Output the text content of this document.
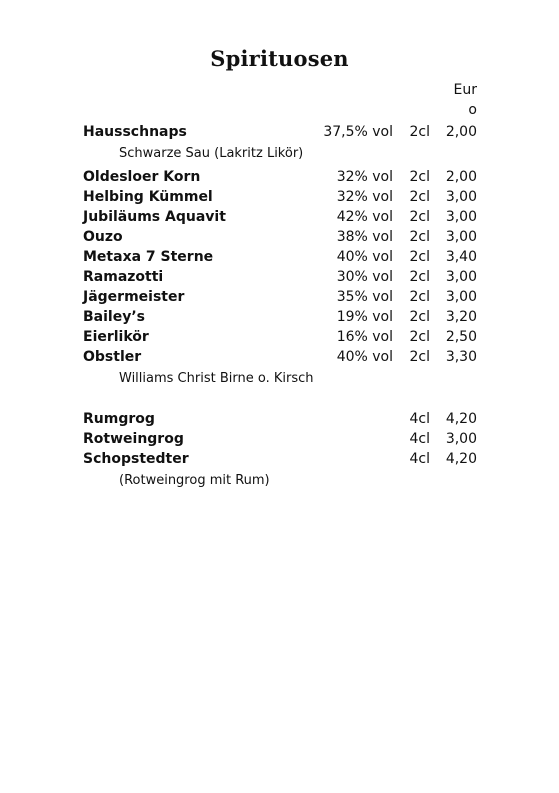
Spirituosen
Euro
Hausschnaps	37,5% vol 2cl 2,00
Schwarze Sau (Lakritz Likör)
Oldesloer Korn	32% vol 2cl 2,00
Helbing Kümmel	32% vol 2cl 3,00
Jubiläums Aquavit	42% vol 2cl 3,00
Ouzo	38% vol 2cl 3,00
Metaxa 7 Sterne	40% vol 2cl 3,40
Ramazotti	30% vol 2cl 3,00
Jägermeister	35% vol 2cl 3,00
Bailey’s	19% vol 2cl 3,20
Eierlikör	16% vol 2cl 2,50
Obstler	40% vol 2cl 3,30
Williams Christ Birne o. Kirsch
Rumgrog	4cl 4,20
Rotweingrog	4cl 3,00
Schopstedter	4cl 4,20
(Rotweingrog mit Rum)
